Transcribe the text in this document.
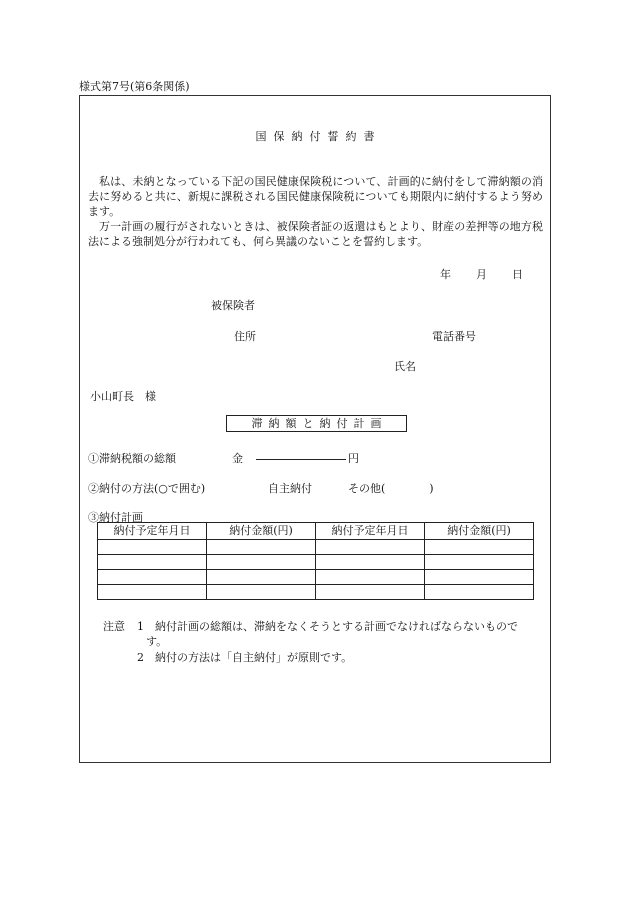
様式第7号(第6条関係)
国保納付誓約書
私は、未納となっている下記の国民健康保険税について、計画的に納付をして滞納額の消去に努めると共に、新規に課税される国民健康保険税についても期限内に納付するよう努めます。
万一計画の履行がされないときは、被保険者証の返還はもとより、財産の差押等の地方税法による強制処分が行われても、何ら異議のないことを誓約します。
年 月 日
被保険者
住所	電話番号
氏名
小山町長　様
滞納額と納付計画
①滞納税額の総額	金	円
②納付の方法(○で囲む)	自主納付	その他(　　　　)
③納付計画
納付予定年月日	納付金額(円)	納付予定年月日	納付金額(円)

注意 1 納付計画の総額は、滞納をなくそうとする計画でなければならないもので
す。
2 納付の方法は「自主納付」が原則です。
